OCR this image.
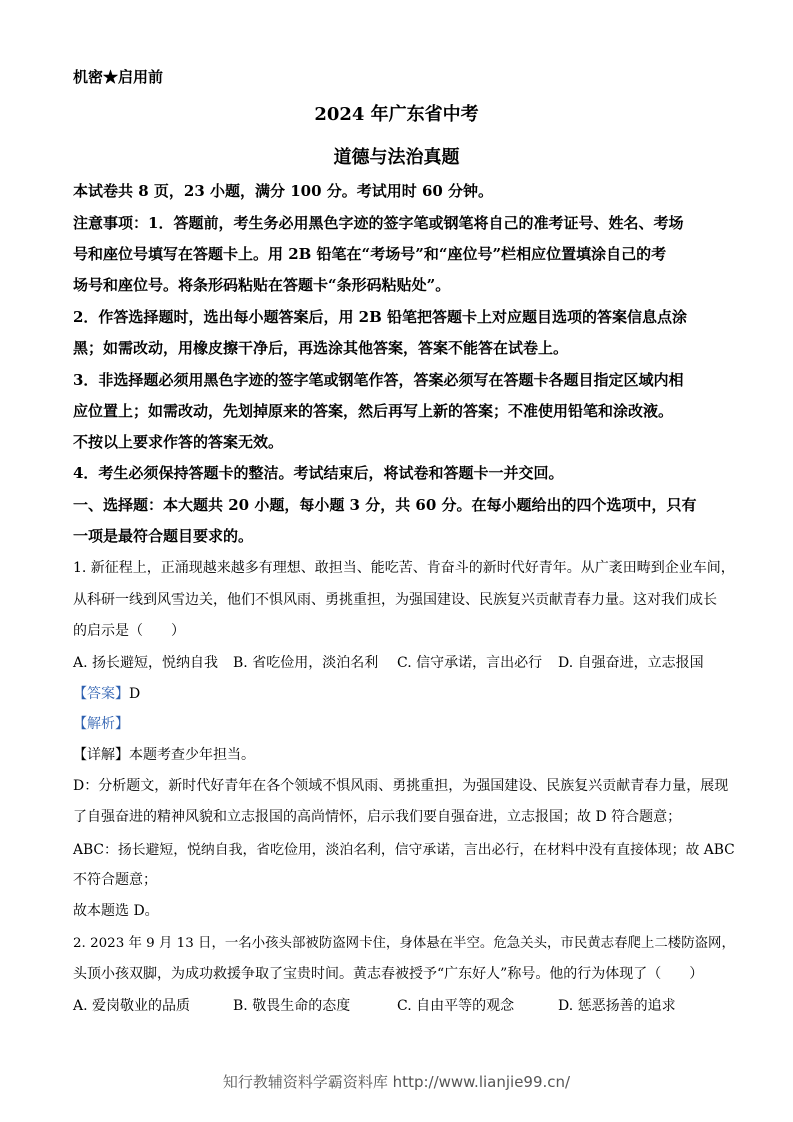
机密★启用前
2024 年广东省中考
道德与法治真题
本试卷共 8 页，23 小题，满分 100 分。考试用时 60 分钟。
注意事项：1．答题前，考生务必用黑色字迹的签字笔或钢笔将自己的准考证号、姓名、考场
号和座位号填写在答题卡上。用 2B 铅笔在“考场号”和“座位号”栏相应位置填涂自己的考
场号和座位号。将条形码粘贴在答题卡“条形码粘贴处”。
2．作答选择题时，选出每小题答案后，用 2B 铅笔把答题卡上对应题目选项的答案信息点涂
黑；如需改动，用橡皮擦干净后，再选涂其他答案，答案不能答在试卷上。
3．非选择题必须用黑色字迹的签字笔或钢笔作答，答案必须写在答题卡各题目指定区域内相
应位置上；如需改动，先划掉原来的答案，然后再写上新的答案；不准使用铅笔和涂改液。
不按以上要求作答的答案无效。
4．考生必须保持答题卡的整洁。考试结束后，将试卷和答题卡一并交回。
一、选择题：本大题共 20 小题，每小题 3 分，共 60 分。在每小题给出的四个选项中，只有
一项是最符合题目要求的。
1. 新征程上，正涌现越来越多有理想、敢担当、能吃苦、肯奋斗的新时代好青年。从广袤田畴到企业车间，
从科研一线到风雪边关，他们不惧风雨、勇挑重担，为强国建设、民族复兴贡献青春力量。这对我们成长
的启示是（　　）
A. 扬长避短，悦纳自我 B. 省吃俭用，淡泊名利 C. 信守承诺，言出必行 D. 自强奋进，立志报国
【答案】D
【解析】
【详解】本题考查少年担当。
D：分析题文，新时代好青年在各个领域不惧风雨、勇挑重担，为强国建设、民族复兴贡献青春力量，展现
了自强奋进的精神风貌和立志报国的高尚情怀，启示我们要自强奋进，立志报国；故 D 符合题意；
ABC：扬长避短，悦纳自我，省吃俭用，淡泊名利，信守承诺，言出必行，在材料中没有直接体现；故 ABC
不符合题意；
故本题选 D。
2. 2023 年 9 月 13 日，一名小孩头部被防盗网卡住，身体悬在半空。危急关头，市民黄志春爬上二楼防盗网，
头顶小孩双脚，为成功救援争取了宝贵时间。黄志春被授予“广东好人”称号。他的行为体现了（　　）
A. 爱岗敬业的品质	B. 敬畏生命的态度	C. 自由平等的观念	D. 惩恶扬善的追求
知行教辅资料学霸资料库 http://www.lianjie99.cn/
